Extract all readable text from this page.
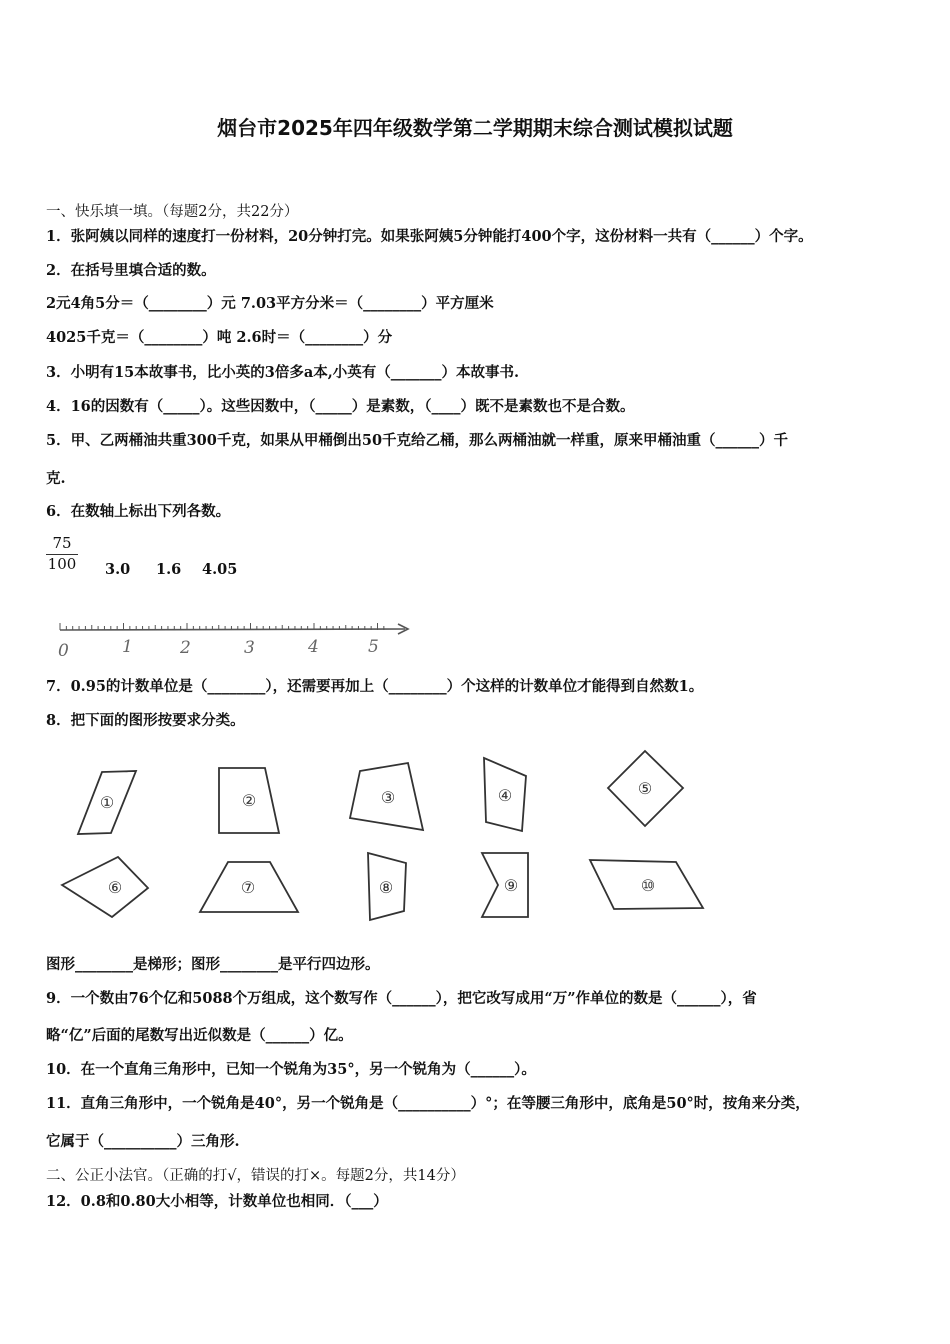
烟台市2025年四年级数学第二学期期末综合测试模拟试题
一、快乐填一填。（每题2分，共22分）
1．张阿姨以同样的速度打一份材料，20分钟打完。如果张阿姨5分钟能打400个字，这份材料一共有（______）个字。
2．在括号里填合适的数。
2元4角5分＝（________）元 7.03平方分米＝（________）平方厘米
4025千克＝（________）吨 2.6时＝（________）分
3．小明有15本故事书，比小英的3倍多a本,小英有（_______）本故事书.
4．16的因数有（_____）。这些因数中，（_____）是素数，（____）既不是素数也不是合数。
5．甲、乙两桶油共重300千克，如果从甲桶倒出50千克给乙桶，那么两桶油就一样重，原来甲桶油重（______）千
克.
6．在数轴上标出下列各数。
75
100 3.0 1.6 4.05
0	1	2	3	4	5
7．0.95的计数单位是（________），还需要再加上（________）个这样的计数单位才能得到自然数1。
8．把下面的图形按要求分类。
①	②	③	④	⑤
⑥	⑦	⑧	⑨	⑩
图形________是梯形；图形________是平行四边形。
9．一个数由76个亿和5088个万组成，这个数写作（______），把它改写成用“万”作单位的数是（______），省
略“亿”后面的尾数写出近似数是（______）亿。
10．在一个直角三角形中，已知一个锐角为35°，另一个锐角为（______）。
11．直角三角形中，一个锐角是40°，另一个锐角是（__________）°；在等腰三角形中，底角是50°时，按角来分类，
它属于（__________）三角形.
二、公正小法官。（正确的打√，错误的打×。每题2分，共14分）
12．0.8和0.80大小相等，计数单位也相同．（___）
